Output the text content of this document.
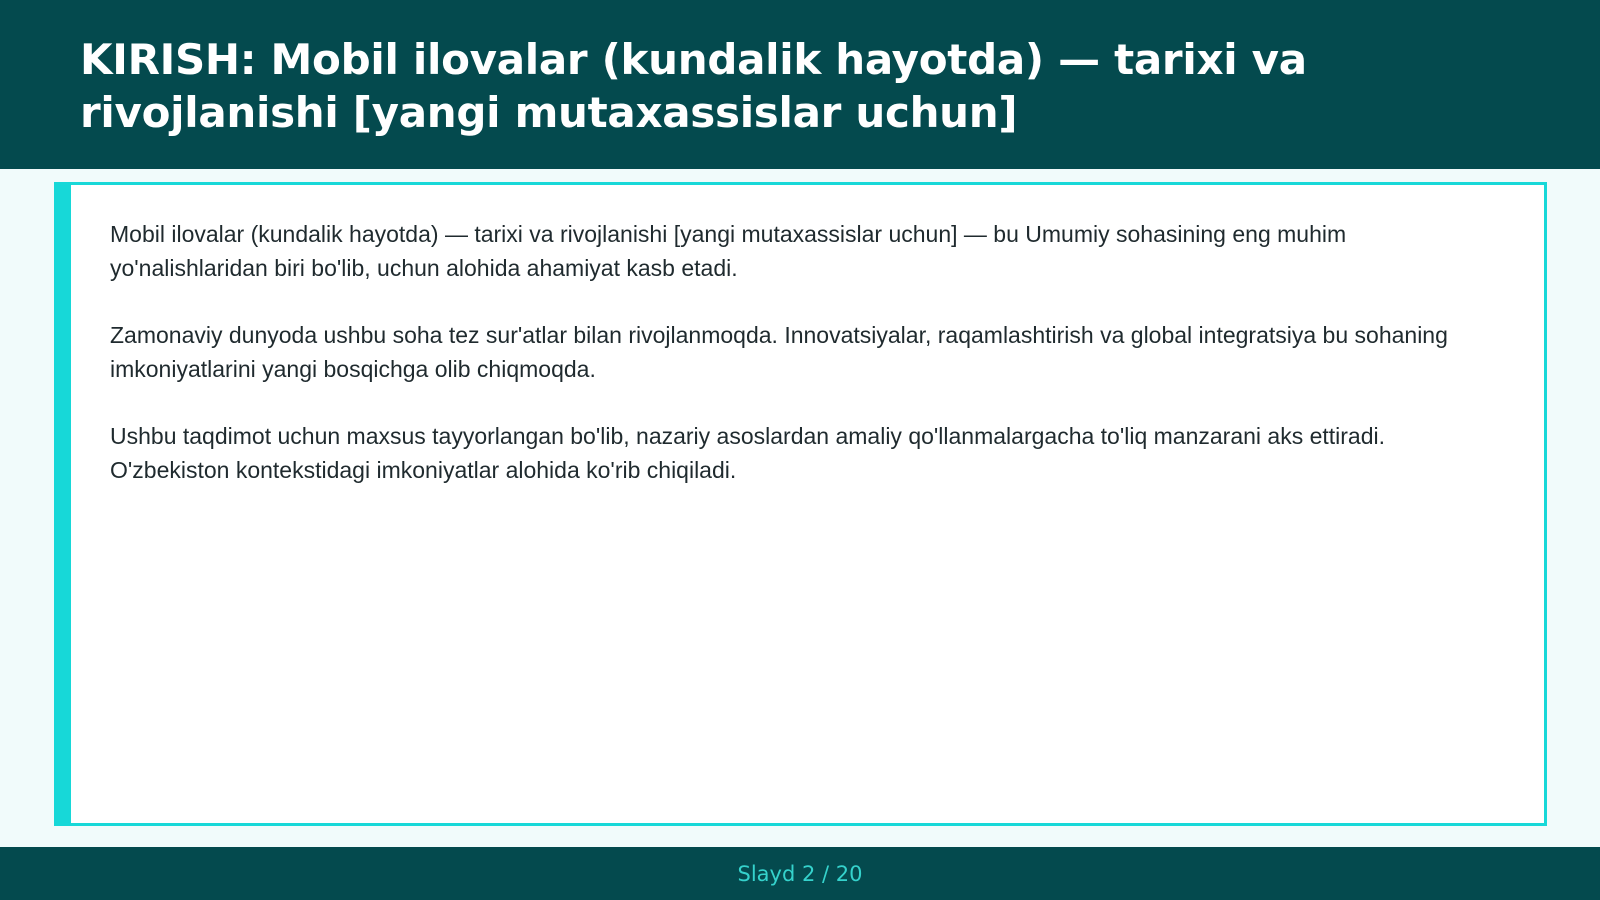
KIRISH: Mobil ilovalar (kundalik hayotda) — tarixi va rivojlanishi [yangi mutaxassislar uchun]

Mobil ilovalar (kundalik hayotda) — tarixi va rivojlanishi [yangi mutaxassislar uchun] — bu Umumiy sohasining eng muhim yo'nalishlaridan biri bo'lib, uchun alohida ahamiyat kasb etadi.

Zamonaviy dunyoda ushbu soha tez sur'atlar bilan rivojlanmoqda. Innovatsiyalar, raqamlashtirish va global integratsiya bu sohaning imkoniyatlarini yangi bosqichga olib chiqmoqda.

Ushbu taqdimot uchun maxsus tayyorlangan bo'lib, nazariy asoslardan amaliy qo'llanmalargacha to'liq manzarani aks ettiradi. O'zbekiston kontekstidagi imkoniyatlar alohida ko'rib chiqiladi.

Slayd 2 / 20
